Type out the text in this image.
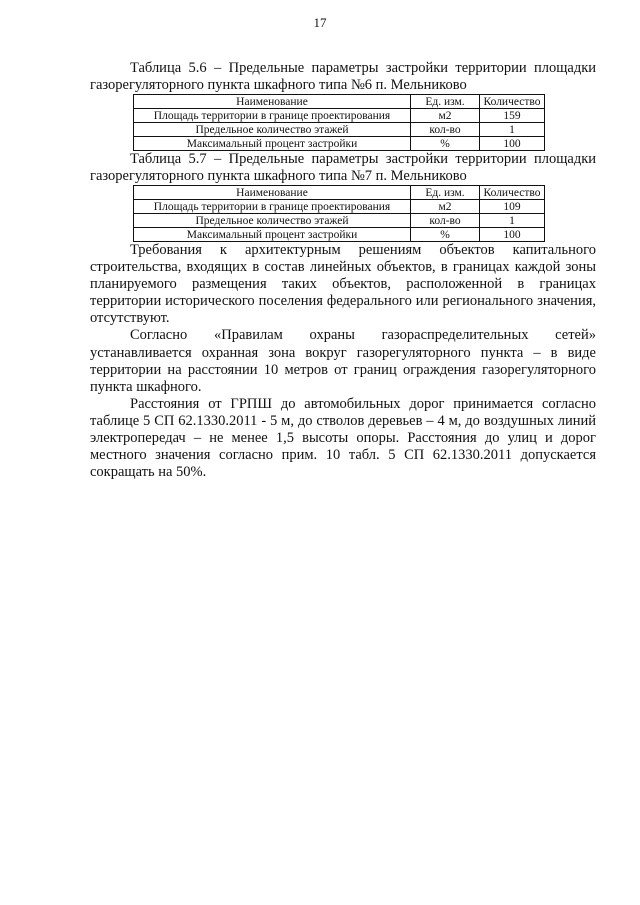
17

Таблица 5.6 – Предельные параметры застройки территории площадки газорегуляторного пункта шкафного типа №6 п. Мельниково

Наименование	Ед. изм.	Количество
Площадь территории в границе проектирования	м2	159
Предельное количество этажей	кол-во	1
Максимальный процент застройки	%	100

Таблица 5.7 – Предельные параметры застройки территории площадки газорегуляторного пункта шкафного типа №7 п. Мельниково

Наименование	Ед. изм.	Количество
Площадь территории в границе проектирования	м2	109
Предельное количество этажей	кол-во	1
Максимальный процент застройки	%	100

Требования к архитектурным решениям объектов капитального строительства, входящих в состав линейных объектов, в границах каждой зоны планируемого размещения таких объектов, расположенной в границах территории исторического поселения федерального или регионального значения, отсутствуют.

Согласно «Правилам охраны газораспределительных сетей» устанавливается охранная зона вокруг газорегуляторного пункта – в виде территории на расстоянии 10 метров от границ ограждения газорегуляторного пункта шкафного.

Расстояния от ГРПШ до автомобильных дорог принимается согласно таблице 5 СП 62.1330.2011 - 5 м, до стволов деревьев – 4 м, до воздушных линий электропередач – не менее 1,5 высоты опоры. Расстояния до улиц и дорог местного значения согласно прим. 10 табл. 5 СП 62.1330.2011 допускается сокращать на 50%.
